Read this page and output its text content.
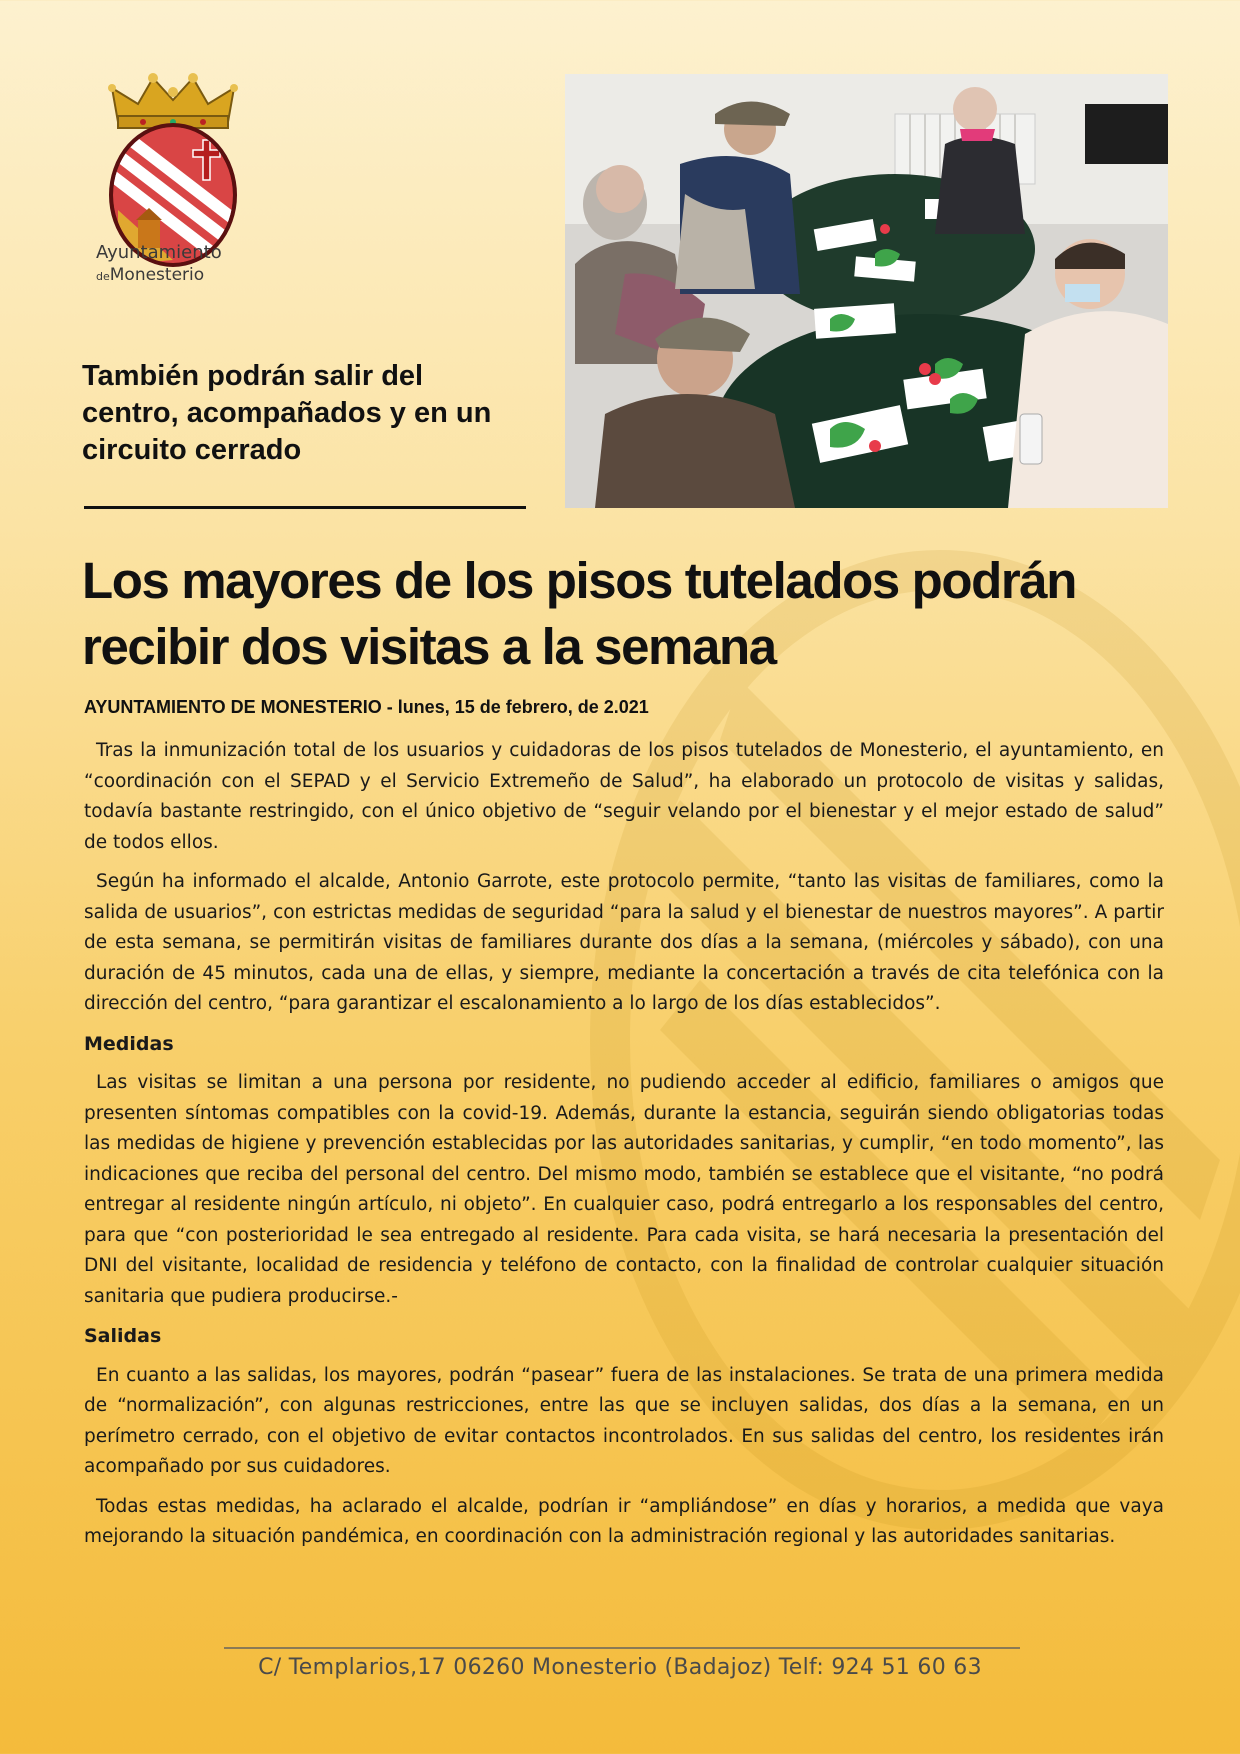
Ayuntamiento
deMonesterio
También podrán salir del centro, acompañados y en un circuito cerrado
Los mayores de los pisos tutelados podrán recibir dos visitas a la semana
AYUNTAMIENTO DE MONESTERIO - lunes, 15 de febrero, de 2.021

Tras la inmunización total de los usuarios y cuidadoras de los pisos tutelados de Monesterio, el ayuntamiento, en “coordinación con el SEPAD y el Servicio Extremeño de Salud”, ha elaborado un protocolo de visitas y salidas, todavía bastante restringido, con el único objetivo de “seguir velando por el bienestar y el mejor estado de salud” de todos ellos.

Según ha informado el alcalde, Antonio Garrote, este protocolo permite, “tanto las visitas de familiares, como la salida de usuarios”, con estrictas medidas de seguridad “para la salud y el bienestar de nuestros mayores”. A partir de esta semana, se permitirán visitas de familiares durante dos días a la semana, (miércoles y sábado), con una duración de 45 minutos, cada una de ellas, y siempre, mediante la concertación a través de cita telefónica con la dirección del centro, “para garantizar el escalonamiento a lo largo de los días establecidos”.

Medidas

Las visitas se limitan a una persona por residente, no pudiendo acceder al edificio, familiares o amigos que presenten síntomas compatibles con la covid-19. Además, durante la estancia, seguirán siendo obligatorias todas las medidas de higiene y prevención establecidas por las autoridades sanitarias, y cumplir, “en todo momento”, las indicaciones que reciba del personal del centro. Del mismo modo, también se establece que el visitante, “no podrá entregar al residente ningún artículo, ni objeto”. En cualquier caso, podrá entregarlo a los responsables del centro, para que “con posterioridad le sea entregado al residente. Para cada visita, se hará necesaria la presentación del DNI del visitante, localidad de residencia y teléfono de contacto, con la finalidad de controlar cualquier situación sanitaria que pudiera producirse.-

Salidas

En cuanto a las salidas, los mayores, podrán “pasear” fuera de las instalaciones. Se trata de una primera medida de “normalización”, con algunas restricciones, entre las que se incluyen salidas, dos días a la semana, en un perímetro cerrado, con el objetivo de evitar contactos incontrolados. En sus salidas del centro, los residentes irán acompañado por sus cuidadores.

Todas estas medidas, ha aclarado el alcalde, podrían ir “ampliándose” en días y horarios, a medida que vaya mejorando la situación pandémica, en coordinación con la administración regional y las autoridades sanitarias.

C/ Templarios,17 06260 Monesterio (Badajoz) Telf: 924 51 60 63
